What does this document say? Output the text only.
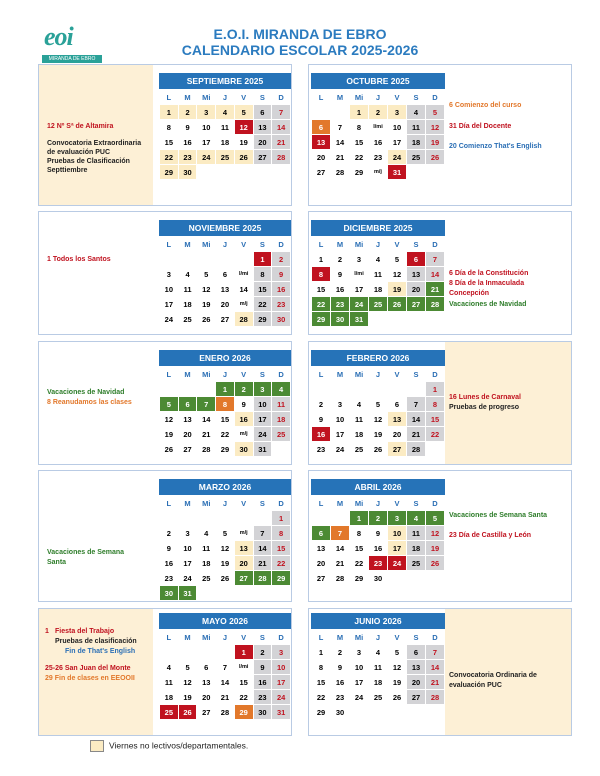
eoi
MIRANDA DE EBRO
E.O.I. MIRANDA DE EBRO
CALENDARIO ESCOLAR 2025-2026
12 Nº Sª de Altamira
Convocatoria Extraordinaria
de evaluación PUC
Pruebas de Clasificación
Septtiembre
SEPTIEMBRE 2025
L	M	Mi	J	V	S	D
1	2	3	4	5	6	7
8	9	10	11	12	13	14
15	16	17	18	19	20	21
22	23	24	25	26	27	28
29	30					
OCTUBRE 2025
L	M	Mi	J	V	S	D
		1	2	3	4	5
6	7	8	l/mi	10	11	12
13	14	15	16	17	18	19
20	21	22	23	24	25	26
27	28	29	m/j	31		
6 Comienzo del curso
31 Día del Docente
20 Comienzo That's English
1 Todos los Santos
NOVIEMBRE 2025
L	M	Mi	J	V	S	D
					1	2
3	4	5	6	l/mi	8	9
10	11	12	13	14	15	16
17	18	19	20	m/j	22	23
24	25	26	27	28	29	30
DICIEMBRE 2025
L	M	Mi	J	V	S	D
1	2	3	4	5	6	7
8	9	l/mi	11	12	13	14
15	16	17	18	19	20	21
22	23	24	25	26	27	28
29	30	31				
6 Día de la Constitución
8 Día de la Inmaculada
Concepción
Vacaciones de Navidad
Vacaciones de Navidad
8 Reanudamos las clases
ENERO 2026
L	M	Mi	J	V	S	D
			1	2	3	4
5	6	7	8	9	10	11
12	13	14	15	16	17	18
19	20	21	22	m/j	24	25
26	27	28	29	30	31	
FEBRERO 2026
L	M	Mi	J	V	S	D
						1
2	3	4	5	6	7	8
9	10	11	12	13	14	15
16	17	18	19	20	21	22
23	24	25	26	27	28	
16 Lunes de Carnaval
Pruebas de progreso
Vacaciones de Semana
Santa
MARZO 2026
L	M	Mi	J	V	S	D
						1
2	3	4	5	m/j	7	8
9	10	11	12	13	14	15
16	17	18	19	20	21	22
23	24	25	26	27	28	29
30	31					
ABRIL 2026
L	M	Mi	J	V	S	D
		1	2	3	4	5
6	7	8	9	10	11	12
13	14	15	16	17	18	19
20	21	22	23	24	25	26
27	28	29	30			
Vacaciones de Semana Santa
23 Día de Castilla y León
1 Fiesta del Trabajo
Pruebas de clasificación
Fin de That's English
25-26 San Juan del Monte
29 Fin de clases en EEOOII
MAYO 2026
L	M	Mi	J	V	S	D
				1	2	3
4	5	6	7	l/mi	9	10
11	12	13	14	15	16	17
18	19	20	21	22	23	24
25	26	27	28	29	30	31
JUNIO 2026
L	M	Mi	J	V	S	D
1	2	3	4	5	6	7
8	9	10	11	12	13	14
15	16	17	18	19	20	21
22	23	24	25	26	27	28
29	30					
Convocatoria Ordinaria de
evaluación PUC
Viernes no lectivos/departamentales.
